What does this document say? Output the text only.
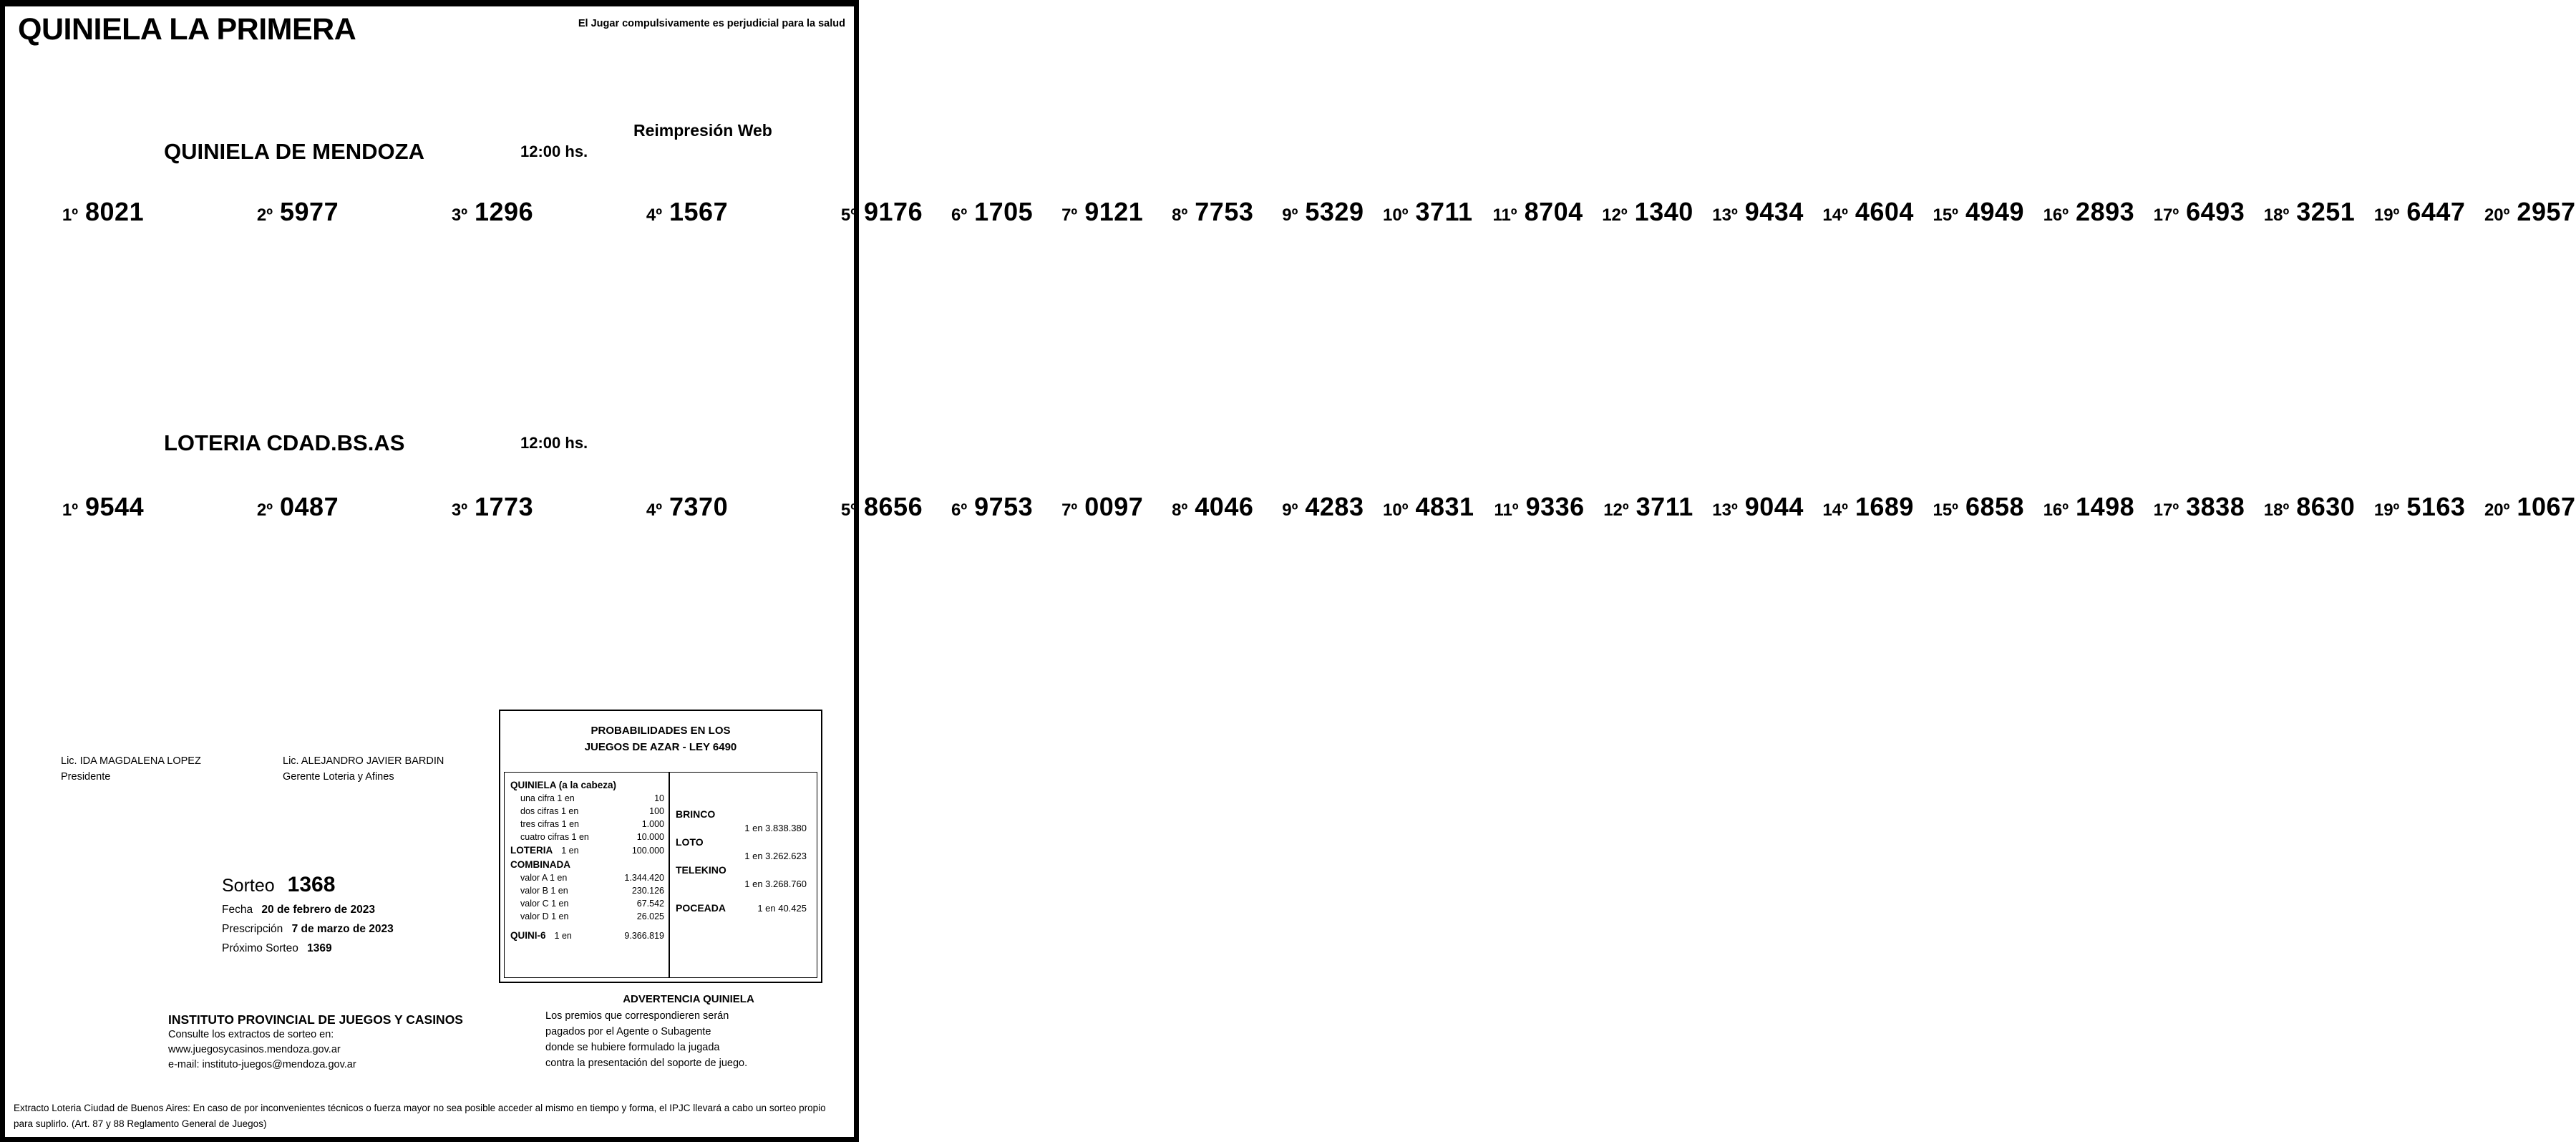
QUINIELA LA PRIMERA	El Jugar compulsivamente es perjudicial para la salud
Reimpresión Web
QUINIELA DE MENDOZA	12:00 hs.
1º 8021	2º 5977	3º 1296	4º 1567	5º 9176	6º 1705	7º 9121	8º 7753	9º 5329	10º 3711	11º 8704	12º 1340	13º 9434	14º 4604	15º 4949	16º 2893	17º 6493	18º 3251	19º 6447	20º 2957
LOTERIA CDAD.BS.AS	12:00 hs.
1º 9544	2º 0487	3º 1773	4º 7370	5º 8656	6º 9753	7º 0097	8º 4046	9º 4283	10º 4831	11º 9336	12º 3711	13º 9044	14º 1689	15º 6858	16º 1498	17º 3838	18º 8630	19º 5163	20º 1067
Lic. IDA MAGDALENA LOPEZ
Presidente
Lic. ALEJANDRO JAVIER BARDIN
Gerente Loteria y Afines
Sorteo 1368
Fecha 20 de febrero de 2023
Prescripción 7 de marzo de 2023
Próximo Sorteo 1369
PROBABILIDADES EN LOS
JUEGOS DE AZAR - LEY 6490
QUINIELA (a la cabeza)
una cifra 1 en	10
dos cifras 1 en	100
tres cifras 1 en	1.000
cuatro cifras 1 en	10.000
LOTERIA 1 en	100.000
COMBINADA
valor A 1 en	1.344.420
valor B 1 en	230.126
valor C 1 en	67.542
valor D 1 en	26.025
QUINI-6 1 en	9.366.819
BRINCO
1 en 3.838.380
LOTO
1 en 3.262.623
TELEKINO
1 en 3.268.760
POCEADA	1 en 40.425
ADVERTENCIA QUINIELA
Los premios que correspondieren serán
pagados por el Agente o Subagente
donde se hubiere formulado la jugada
contra la presentación del soporte de juego.
INSTITUTO PROVINCIAL DE JUEGOS Y CASINOS
Consulte los extractos de sorteo en:
www.juegosycasinos.mendoza.gov.ar
e-mail: instituto-juegos@mendoza.gov.ar
Extracto Loteria Ciudad de Buenos Aires: En caso de por inconvenientes técnicos o fuerza mayor no sea posible acceder al mismo en tiempo y forma, el IPJC llevará a cabo un sorteo propio para suplirlo. (Art. 87 y 88 Reglamento General de Juegos)
